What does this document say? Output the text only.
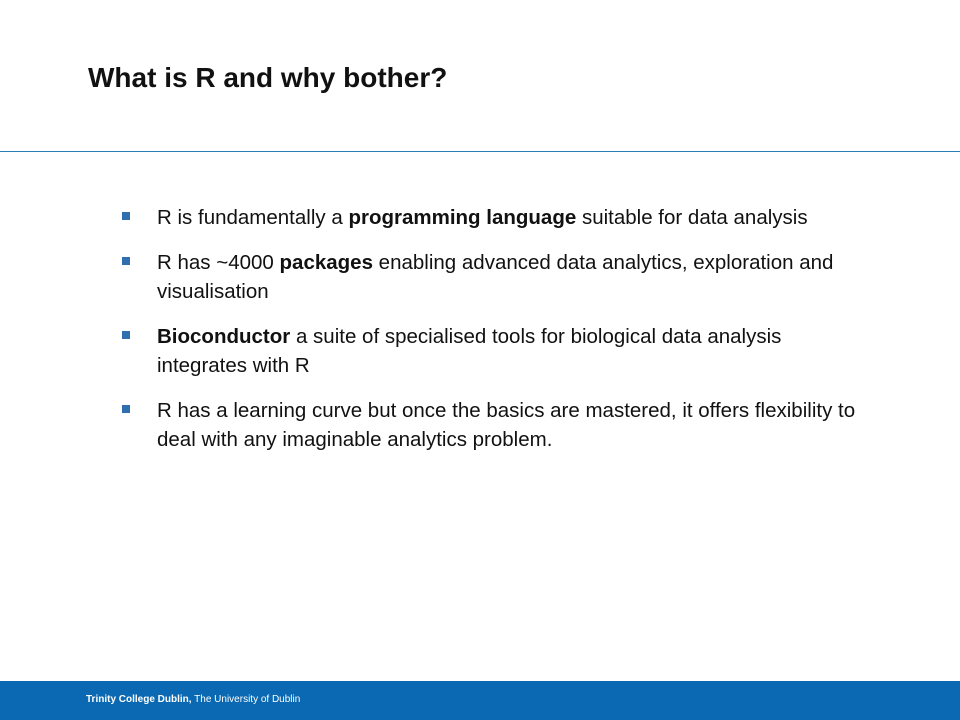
What is R and why bother?
R is fundamentally a programming language suitable for data analysis
R has ~4000 packages enabling advanced data analytics, exploration and visualisation
Bioconductor a suite of specialised tools for biological data analysis integrates with R
R has a learning curve but once the basics are mastered, it offers flexibility to deal with any imaginable analytics problem.

Trinity College Dublin, The University of Dublin
